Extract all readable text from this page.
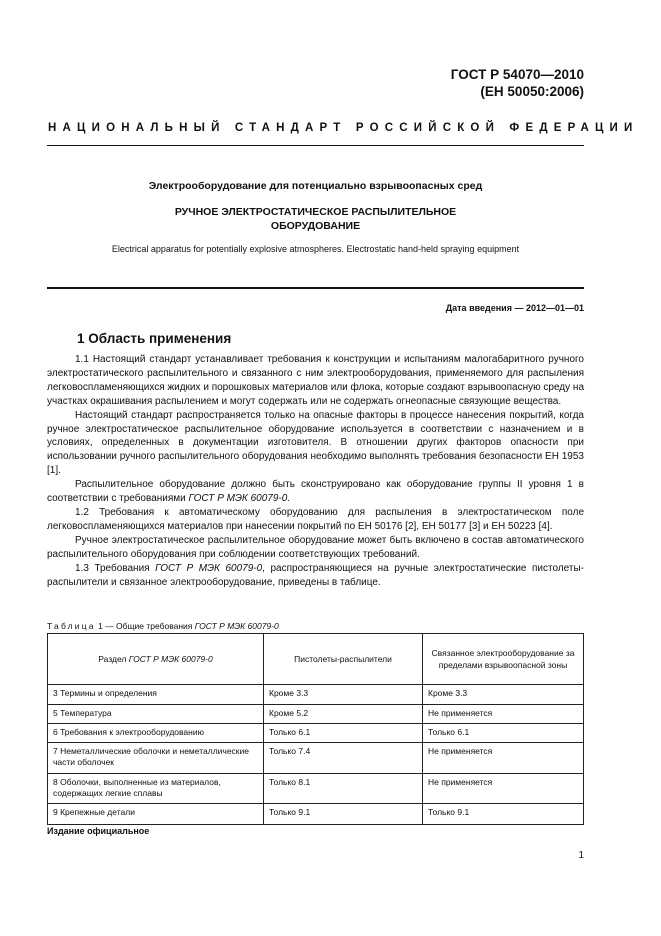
ГОСТ Р 54070—2010
(ЕН 50050:2006)
НАЦИОНАЛЬНЫЙ СТАНДАРТ РОССИЙСКОЙ ФЕДЕРАЦИИ
Электрооборудование для потенциально взрывоопасных сред
РУЧНОЕ ЭЛЕКТРОСТАТИЧЕСКОЕ РАСПЫЛИТЕЛЬНОЕ
ОБОРУДОВАНИЕ
Electrical apparatus for potentially explosive atmospheres. Electrostatic hand-held spraying equipment
Дата введения — 2012—01—01
1 Область применения

1.1 Настоящий стандарт устанавливает требования к конструкции и испытаниям малогабаритного ручного электростатического распылительного и связанного с ним электрооборудования, применяемого для распыления легковоспламеняющихся жидких и порошковых материалов или флока, которые создают взрывоопасную среду на участках окрашивания распылением и могут содержать или не содержать огнеопасные связующие вещества.

Настоящий стандарт распространяется только на опасные факторы в процессе нанесения покрытий, когда ручное электростатическое распылительное оборудование используется в соответствии с назначением и в условиях, определенных в документации изготовителя. В отношении других факторов опасности при использовании ручного распылительного оборудования необходимо выполнять требования безопасности ЕН 1953 [1].

Распылительное оборудование должно быть сконструировано как оборудование группы II уровня 1 в соответствии с требованиями ГОСТ Р МЭК 60079-0.

1.2 Требования к автоматическому оборудованию для распыления в электростатическом поле легковоспламеняющихся материалов при нанесении покрытий по ЕН 50176 [2], ЕН 50177 [3] и ЕН 50223 [4].

Ручное электростатическое распылительное оборудование может быть включено в состав автоматического распылительного оборудования при соблюдении соответствующих требований.

1.3 Требования ГОСТ Р МЭК 60079-0, распространяющиеся на ручные электростатические пистолеты-распылители и связанное электрооборудование, приведены в таблице.

Таблица 1 — Общие требования ГОСТ Р МЭК 60079-0
Раздел ГОСТ Р МЭК 60079-0	Пистолеты-распылители	Связанное электрооборудование за пределами взрывоопасной зоны
3 Термины и определения	Кроме 3.3	Кроме 3.3
5 Температура	Кроме 5.2	Не применяется
6 Требования к электрооборудованию	Только 6.1	Только 6.1
7 Неметаллические оболочки и неметаллические части оболочек	Только 7.4	Не применяется
8 Оболочки, выполненные из материалов, содержащих легкие сплавы	Только 8.1	Не применяется
9 Крепежные детали	Только 9.1	Только 9.1
Издание официальное
1
